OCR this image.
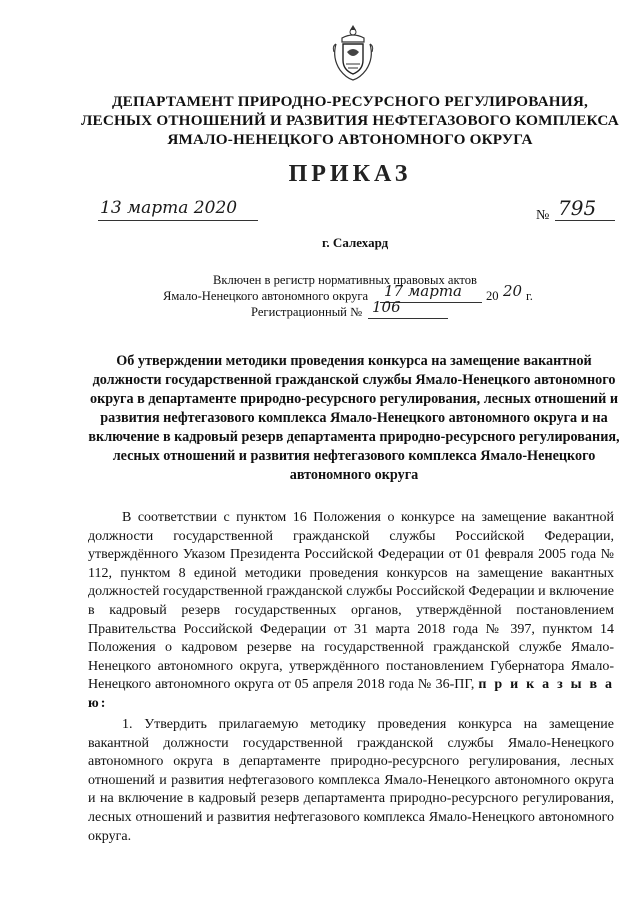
ДЕПАРТАМЕНТ ПРИРОДНО-РЕСУРСНОГО РЕГУЛИРОВАНИЯ,
ЛЕСНЫХ ОТНОШЕНИЙ И РАЗВИТИЯ НЕФТЕГАЗОВОГО КОМПЛЕКСА
ЯМАЛО-НЕНЕЦКОГО АВТОНОМНОГО ОКРУГА
ПРИКАЗ
13 марта 2020	№ 795
г. Салехард
Включен в регистр нормативных правовых актов
Ямало-Ненецкого автономного округа 17 марта 20 20 г.
Регистрационный № 106
Об утверждении методики проведения конкурса на замещение вакантной должности государственной гражданской службы Ямало-Ненецкого автономного округа в департаменте природно-ресурсного регулирования, лесных отношений и развития нефтегазового комплекса Ямало-Ненецкого автономного округа и на включение в кадровый резерв департамента природно-ресурсного регулирования, лесных отношений и развития нефтегазового комплекса Ямало-Ненецкого автономного округа
В соответствии с пунктом 16 Положения о конкурсе на замещение вакантной должности государственной гражданской службы Российской Федерации, утверждённого Указом Президента Российской Федерации от 01 февраля 2005 года № 112, пунктом 8 единой методики проведения конкурсов на замещение вакантных должностей государственной гражданской службы Российской Федерации и включение в кадровый резерв государственных органов, утверждённой постановлением Правительства Российской Федерации от 31 марта 2018 года № 397, пунктом 14 Положения о кадровом резерве на государственной гражданской службе Ямало-Ненецкого автономного округа, утверждённого постановлением Губернатора Ямало-Ненецкого автономного округа от 05 апреля 2018 года № 36-ПГ, п р и к а з ы в а ю:
1. Утвердить прилагаемую методику проведения конкурса на замещение вакантной должности государственной гражданской службы Ямало-Ненецкого автономного округа в департаменте природно-ресурсного регулирования, лесных отношений и развития нефтегазового комплекса Ямало-Ненецкого автономного округа и на включение в кадровый резерв департамента природно-ресурсного регулирования, лесных отношений и развития нефтегазового комплекса Ямало-Ненецкого автономного округа.
